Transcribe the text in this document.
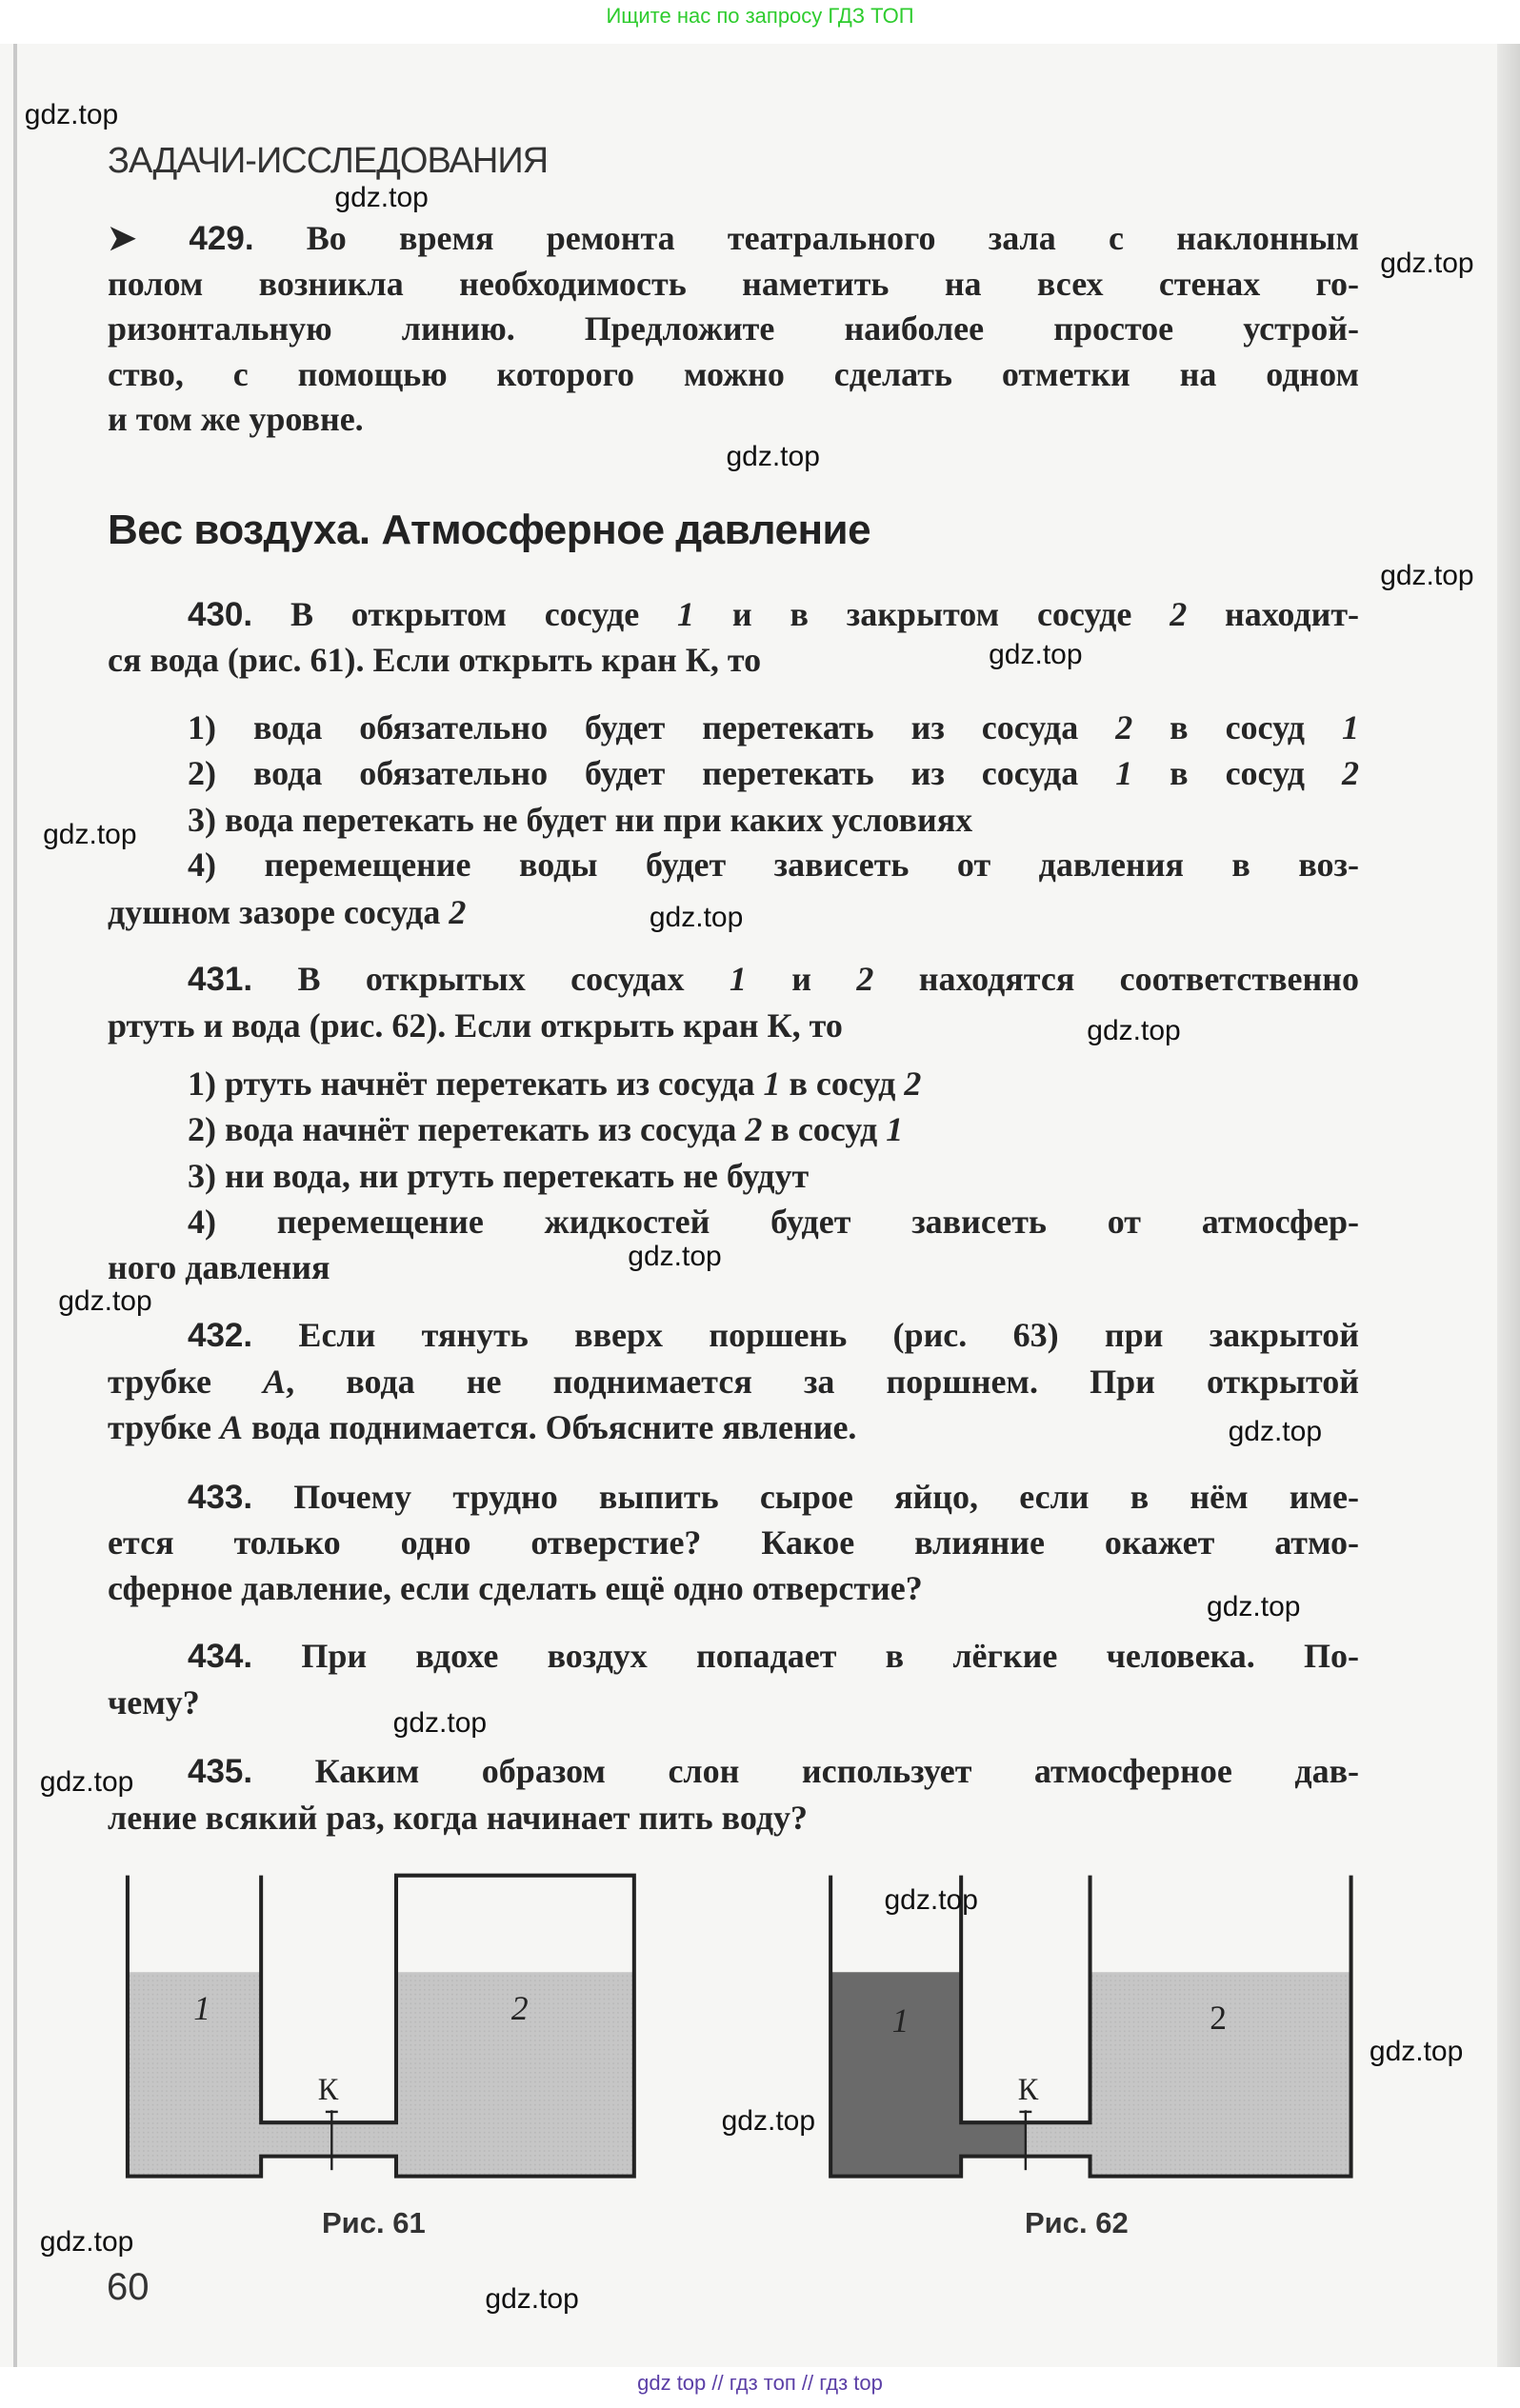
Ищите нас по запросу ГДЗ ТОП
ЗАДАЧИ-ИССЛЕДОВАНИЯ
Вес воздуха. Атмосферное давление
➤ 429. Во время ремонта театрального зала с наклонным
полом возникла необходимость наметить на всех стенах го-
ризонтальную линию. Предложите наиболее простое устрой-
ство, с помощью которого можно сделать отметки на одном
и том же уровне.
430. В открытом сосуде 1 и в закрытом сосуде 2 находит-
ся вода (рис. 61). Если открыть кран К, то
1) вода обязательно будет перетекать из сосуда 2 в сосуд 1
2) вода обязательно будет перетекать из сосуда 1 в сосуд 2
3) вода перетекать не будет ни при каких условиях
4) перемещение воды будет зависеть от давления в воз-
душном зазоре сосуда 2
431. В открытых сосудах 1 и 2 находятся соответственно
ртуть и вода (рис. 62). Если открыть кран К, то
1) ртуть начнёт перетекать из сосуда 1 в сосуд 2
2) вода начнёт перетекать из сосуда 2 в сосуд 1
3) ни вода, ни ртуть перетекать не будут
4) перемещение жидкостей будет зависеть от атмосфер-
ного давления
432. Если тянуть вверх поршень (рис. 63) при закрытой
трубке A, вода не поднимается за поршнем. При открытой
трубке A вода поднимается. Объясните явление.
433. Почему трудно выпить сырое яйцо, если в нём име-
ется только одно отверстие? Какое влияние окажет атмо-
сферное давление, если сделать ещё одно отверстие?
434. При вдохе воздух попадает в лёгкие человека. По-
чему?
435. Каким образом слон использует атмосферное дав-
ление всякий раз, когда начинает пить воду?
1	2
К
1	2
К
Рис. 61	Рис. 62
60
gdz.top
gdz.top
gdz.top
gdz.top
gdz.top
gdz.top
gdz.top
gdz.top
gdz.top
gdz.top
gdz.top
gdz.top
gdz.top
gdz.top
gdz.top
gdz.top
gdz.top
gdz.top
gdz.top
gdz.top
gdz top // гдз топ // гдз top
